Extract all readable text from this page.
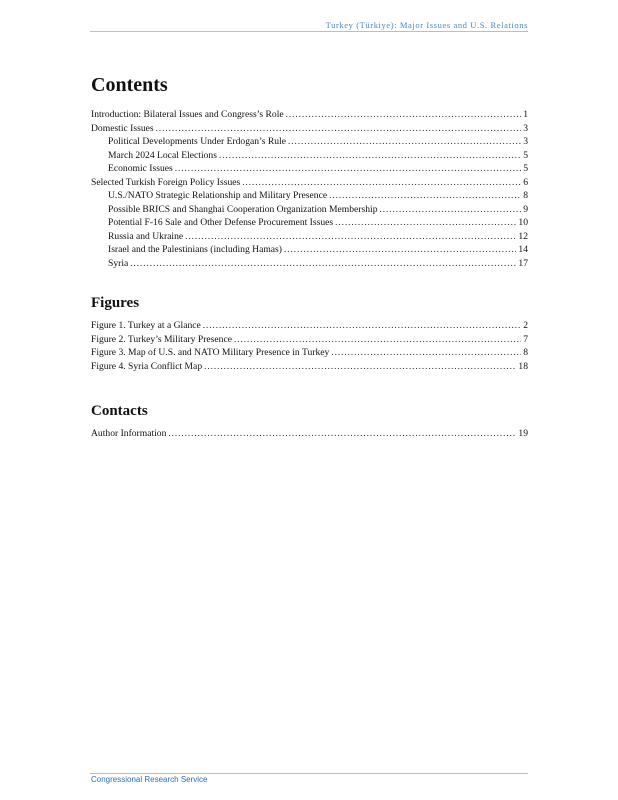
Turkey (Türkiye): Major Issues and U.S. Relations
Contents
Introduction: Bilateral Issues and Congress’s Role .....	1
Domestic Issues .....	3
Political Developments Under Erdogan’s Rule .....	3
March 2024 Local Elections .....	5
Economic Issues .....	5
Selected Turkish Foreign Policy Issues .....	6
U.S./NATO Strategic Relationship and Military Presence .....	8
Possible BRICS and Shanghai Cooperation Organization Membership .....	9
Potential F-16 Sale and Other Defense Procurement Issues .....	10
Russia and Ukraine .....	12
Israel and the Palestinians (including Hamas) .....	14
Syria .....	17
Figures
Figure 1. Turkey at a Glance .....	2
Figure 2. Turkey’s Military Presence .....	7
Figure 3. Map of U.S. and NATO Military Presence in Turkey .....	8
Figure 4. Syria Conflict Map .....	18
Contacts
Author Information .....	19
Congressional Research Service
